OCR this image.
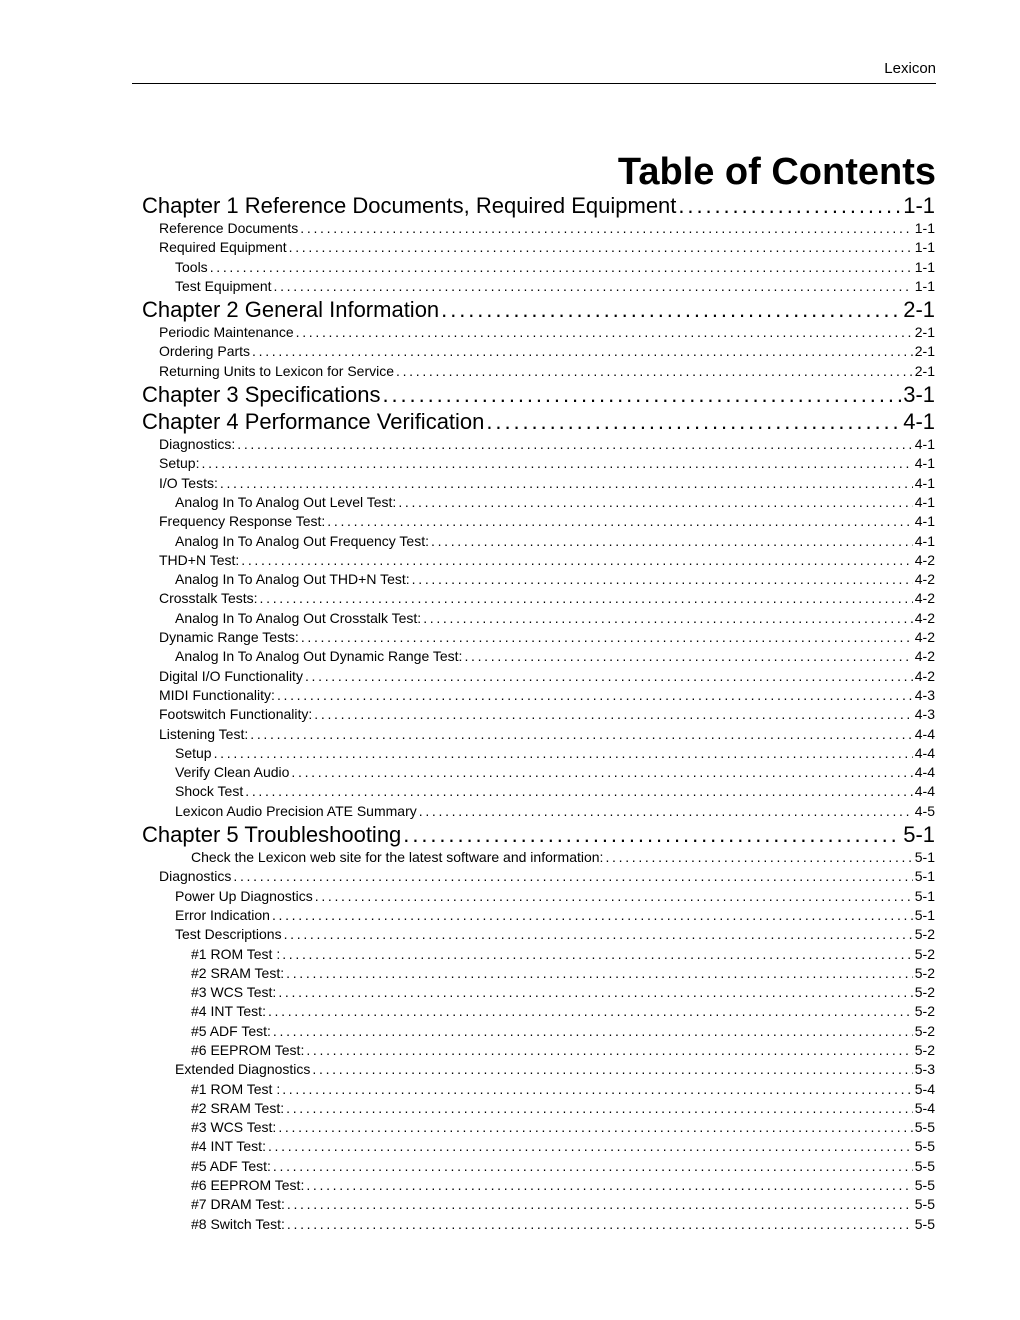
Lexicon
Table of Contents
Chapter 1 Reference Documents, Required Equipment . . .	1-1
Reference Documents . . .	1-1
Required Equipment . . .	1-1
Tools . . .	1-1
Test Equipment . . .	1-1
Chapter 2 General Information . . .	2-1
Periodic Maintenance . . .	2-1
Ordering Parts . . .	2-1
Returning Units to Lexicon for Service . . .	2-1
Chapter 3 Specifications . . .	3-1
Chapter 4 Performance Verification . . .	4-1
Diagnostics: . . .	4-1
Setup: . . .	4-1
I/O Tests: . . .	4-1
Analog In To Analog Out Level Test: . . .	4-1
Frequency Response Test: . . .	4-1
Analog In To Analog Out Frequency Test: . . .	4-1
THD+N Test: . . .	4-2
Analog In To Analog Out THD+N Test: . . .	4-2
Crosstalk Tests: . . .	4-2
Analog In To Analog Out Crosstalk Test: . . .	4-2
Dynamic Range Tests: . . .	4-2
Analog In To Analog Out Dynamic Range Test: . . .	4-2
Digital I/O Functionality . . .	4-2
MIDI Functionality: . . .	4-3
Footswitch Functionality: . . .	4-3
Listening Test: . . .	4-4
Setup . . .	4-4
Verify Clean Audio . . .	4-4
Shock Test . . .	4-4
Lexicon Audio Precision ATE Summary . . .	4-5
Chapter 5 Troubleshooting . . .	5-1
Check the Lexicon web site for the latest software and information: . . .	5-1
Diagnostics . . .	5-1
Power Up Diagnostics . . .	5-1
Error Indication . . .	5-1
Test Descriptions . . .	5-2
#1 ROM Test : . . .	5-2
#2 SRAM Test: . . .	5-2
#3 WCS Test: . . .	5-2
#4 INT Test: . . .	5-2
#5 ADF Test: . . .	5-2
#6 EEPROM Test: . . .	5-2
Extended Diagnostics . . .	5-3
#1 ROM Test : . . .	5-4
#2 SRAM Test: . . .	5-4
#3 WCS Test: . . .	5-5
#4 INT Test: . . .	5-5
#5 ADF Test: . . .	5-5
#6 EEPROM Test: . . .	5-5
#7 DRAM Test: . . .	5-5
#8 Switch Test: . . .	5-5
